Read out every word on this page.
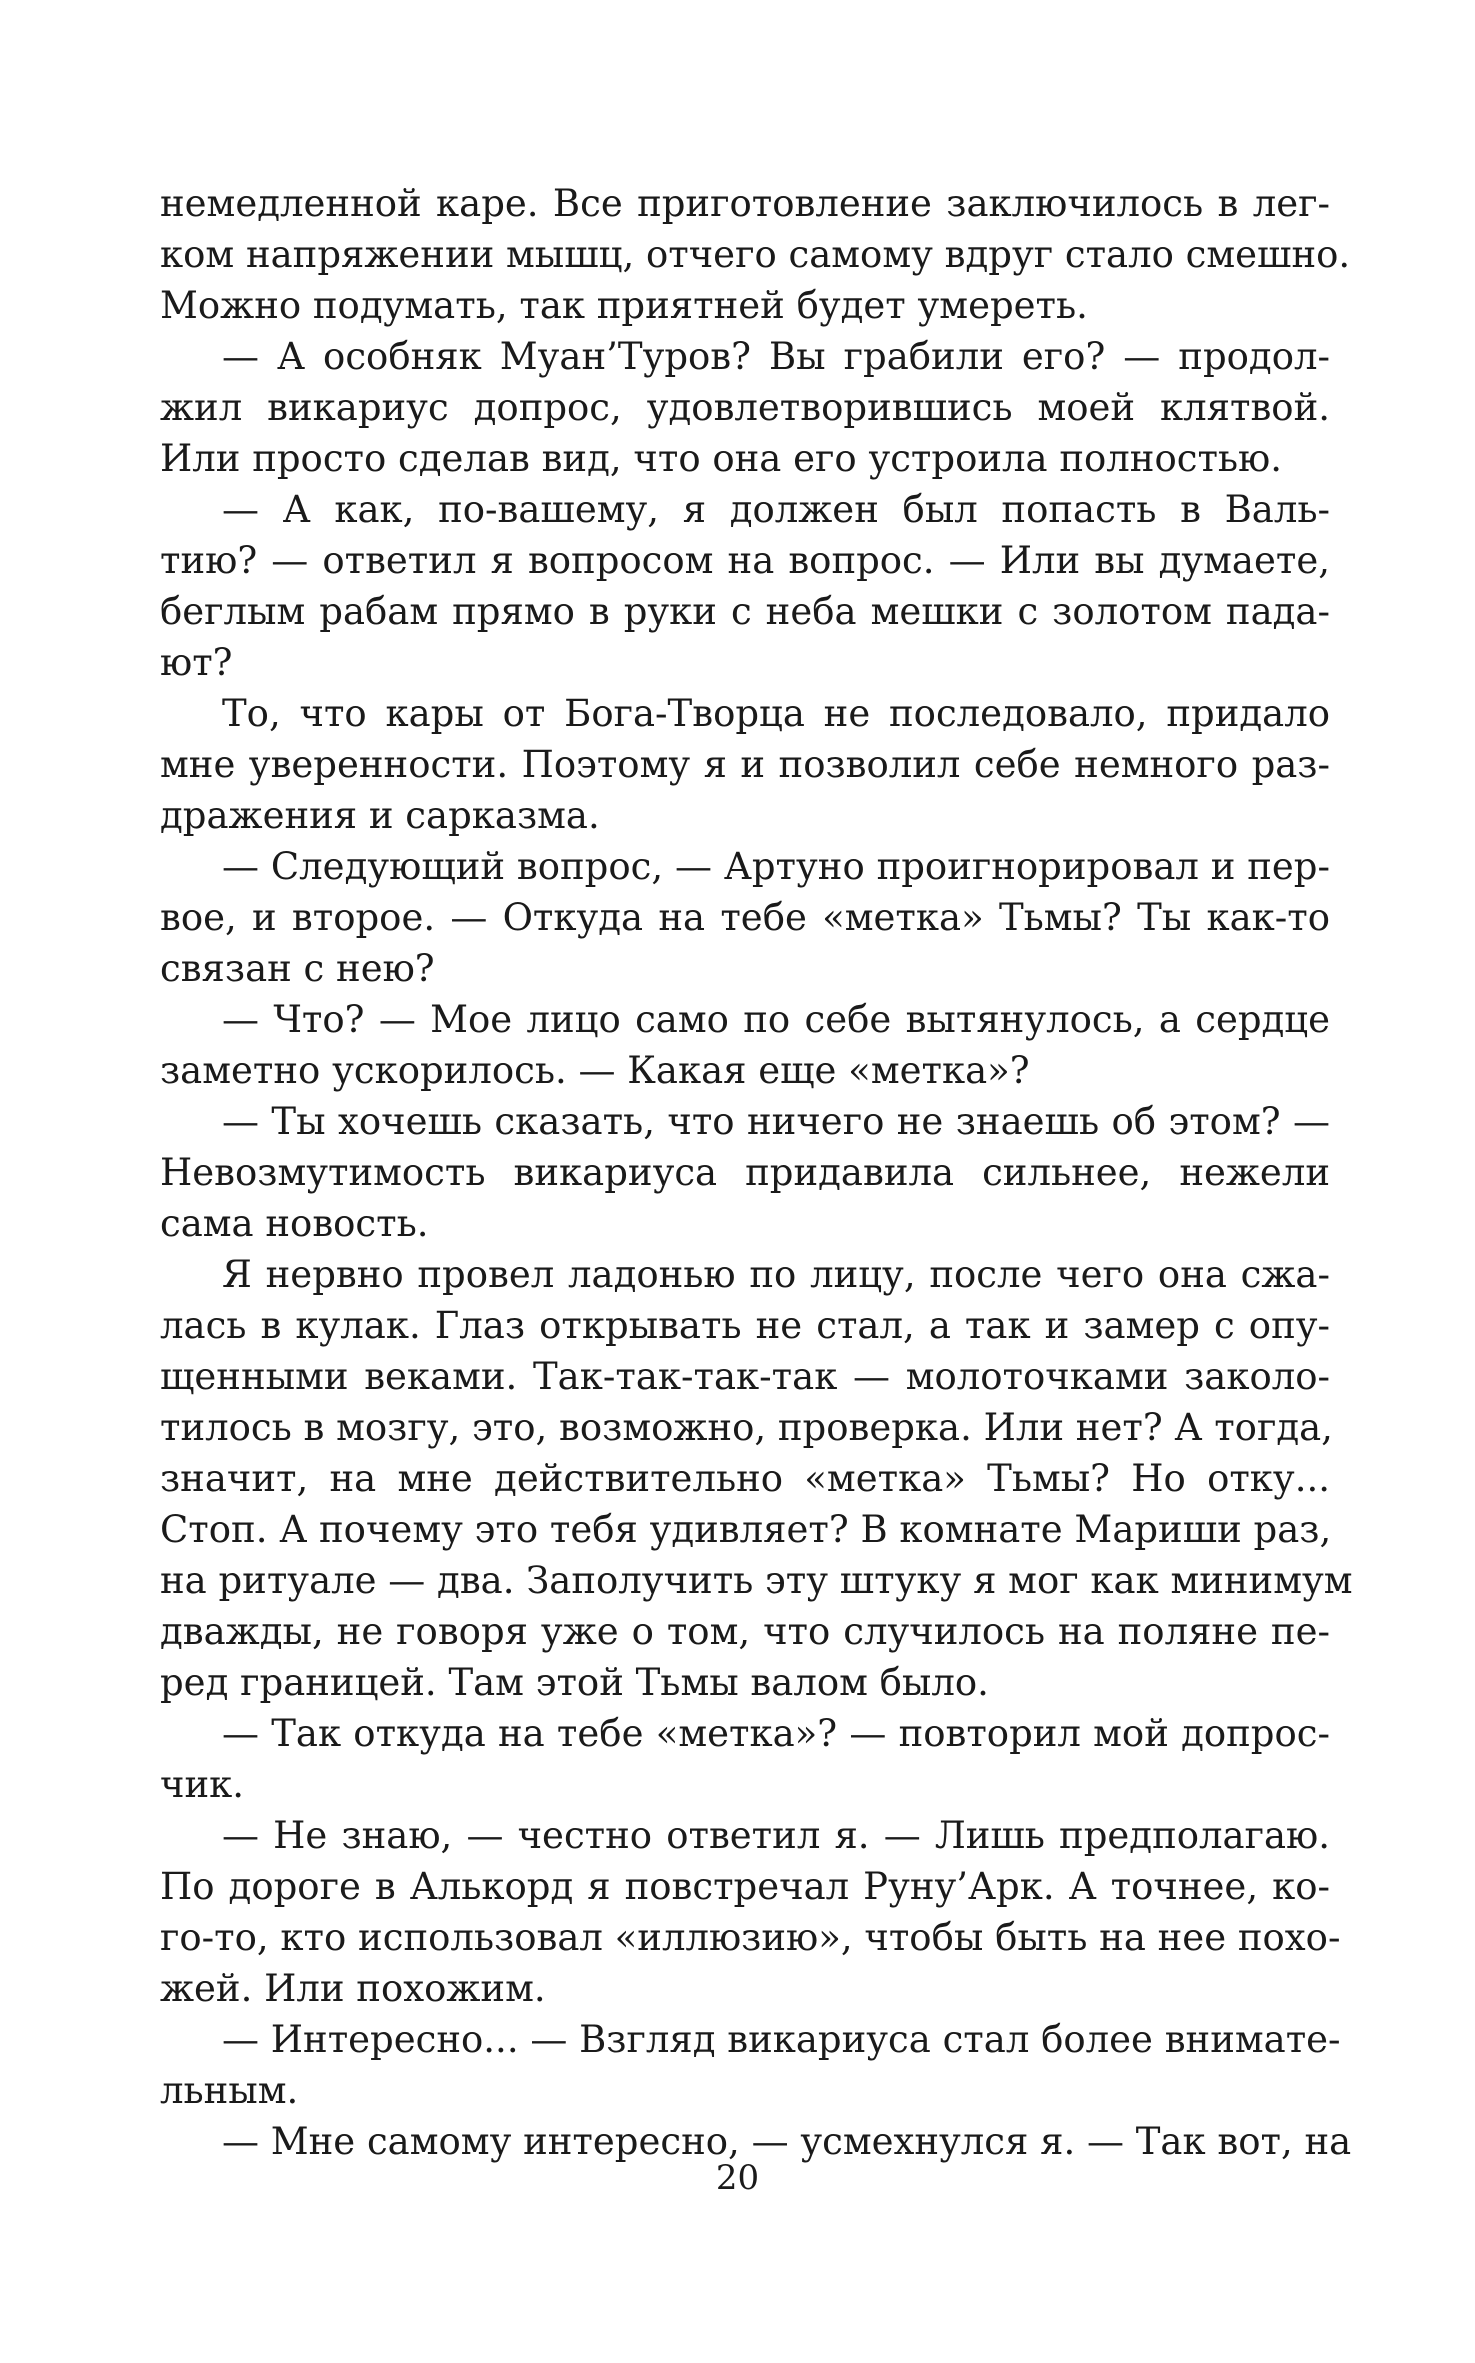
немедленной каре. Все приготовление заключилось в лег-
ком напряжении мышц, отчего самому вдруг стало смешно.
Можно подумать, так приятней будет умереть.
— А особняк Муан’Туров? Вы грабили его? — продол-
жил викариус допрос, удовлетворившись моей клятвой.
Или просто сделав вид, что она его устроила полностью.
— А как, по-вашему, я должен был попасть в Валь-
тию? — ответил я вопросом на вопрос. — Или вы думаете,
беглым рабам прямо в руки с неба мешки с золотом пада-
ют?
То, что кары от Бога-Творца не последовало, придало
мне уверенности. Поэтому я и позволил себе немного раз-
дражения и сарказма.
— Следующий вопрос, — Артуно проигнорировал и пер-
вое, и второе. — Откуда на тебе «метка» Тьмы? Ты как-то
связан с нею?
— Что? — Мое лицо само по себе вытянулось, а сердце
заметно ускорилось. — Какая еще «метка»?
— Ты хочешь сказать, что ничего не знаешь об этом? —
Невозмутимость викариуса придавила сильнее, нежели
сама новость.
Я нервно провел ладонью по лицу, после чего она сжа-
лась в кулак. Глаз открывать не стал, а так и замер с опу-
щенными веками. Так-так-так-так — молоточками заколо-
тилось в мозгу, это, возможно, проверка. Или нет? А тогда,
значит, на мне действительно «метка» Тьмы? Но отку...
Стоп. А почему это тебя удивляет? В комнате Мариши раз,
на ритуале — два. Заполучить эту штуку я мог как минимум
дважды, не говоря уже о том, что случилось на поляне пе-
ред границей. Там этой Тьмы валом было.
— Так откуда на тебе «метка»? — повторил мой допрос-
чик.
— Не знаю, — честно ответил я. — Лишь предполагаю.
По дороге в Алькорд я повстречал Руну’Арк. А точнее, ко-
го-то, кто использовал «иллюзию», чтобы быть на нее похо-
жей. Или похожим.
— Интересно... — Взгляд викариуса стал более внимате-
льным.
— Мне самому интересно, — усмехнулся я. — Так вот, на
20
